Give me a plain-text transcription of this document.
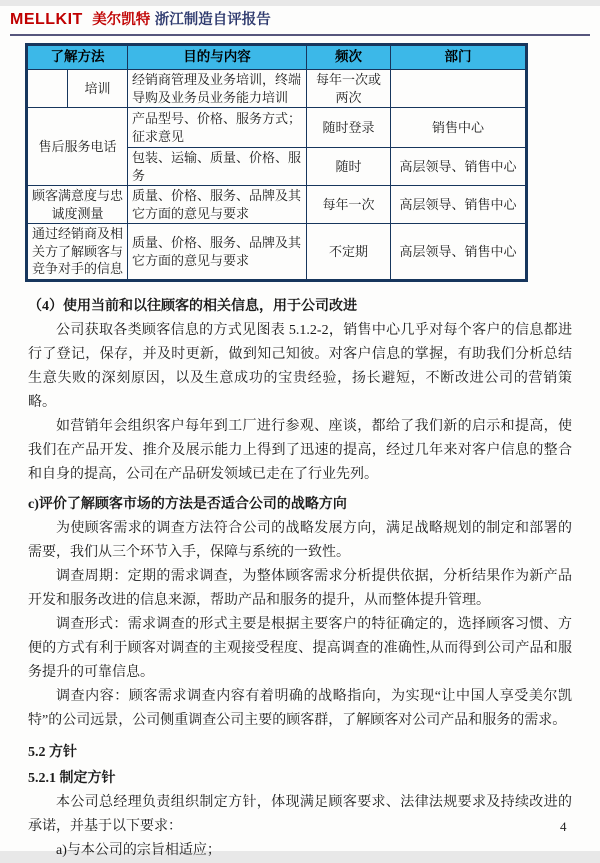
MELLKIT 美尔凯特 浙江制造自评报告
了解方法		目的与内容	频次	部门
	培训	经销商管理及业务培训，终端导购及业务员业务能力培训	每年一次或两次	
售后服务电话		产品型号、价格、服务方式；征求意见	随时登录	销售中心
		包装、运输、质量、价格、服务	随时	高层领导、销售中心
顾客满意度与忠诚度测量		质量、价格、服务、品牌及其它方面的意见与要求	每年一次	高层领导、销售中心
通过经销商及相关方了解顾客与竞争对手的信息		质量、价格、服务、品牌及其它方面的意见与要求	不定期	高层领导、销售中心
（4）使用当前和以往顾客的相关信息，用于公司改进

公司获取各类顾客信息的方式见图表 5.1.2-2，销售中心几乎对每个客户的信息都进行了登记，保存，并及时更新，做到知己知彼。对客户信息的掌握，有助我们分析总结生意失败的深刻原因，以及生意成功的宝贵经验，扬长避短，不断改进公司的营销策略。

如营销年会组织客户每年到工厂进行参观、座谈，都给了我们新的启示和提高，使我们在产品开发、推介及展示能力上得到了迅速的提高，经过几年来对客户信息的整合和自身的提高，公司在产品研发领域已走在了行业先列。

c)评价了解顾客市场的方法是否适合公司的战略方向

为使顾客需求的调查方法符合公司的战略发展方向，满足战略规划的制定和部署的需要，我们从三个环节入手，保障与系统的一致性。

调查周期：定期的需求调查，为整体顾客需求分析提供依据，分析结果作为新产品开发和服务改进的信息来源，帮助产品和服务的提升，从而整体提升管理。

调查形式：需求调查的形式主要是根据主要客户的特征确定的，选择顾客习惯、方便的方式有利于顾客对调查的主观接受程度、提高调查的准确性,从而得到公司产品和服务提升的可靠信息。

调查内容：顾客需求调查内容有着明确的战略指向，为实现“让中国人享受美尔凯特”的公司远景，公司侧重调查公司主要的顾客群，了解顾客对公司产品和服务的需求。

5.2 方针
5.2.1 制定方针

本公司总经理负责组织制定方针，体现满足顾客要求、法律法规要求及持续改进的承诺，并基于以下要求：

a)与本公司的宗旨相适应；

4
